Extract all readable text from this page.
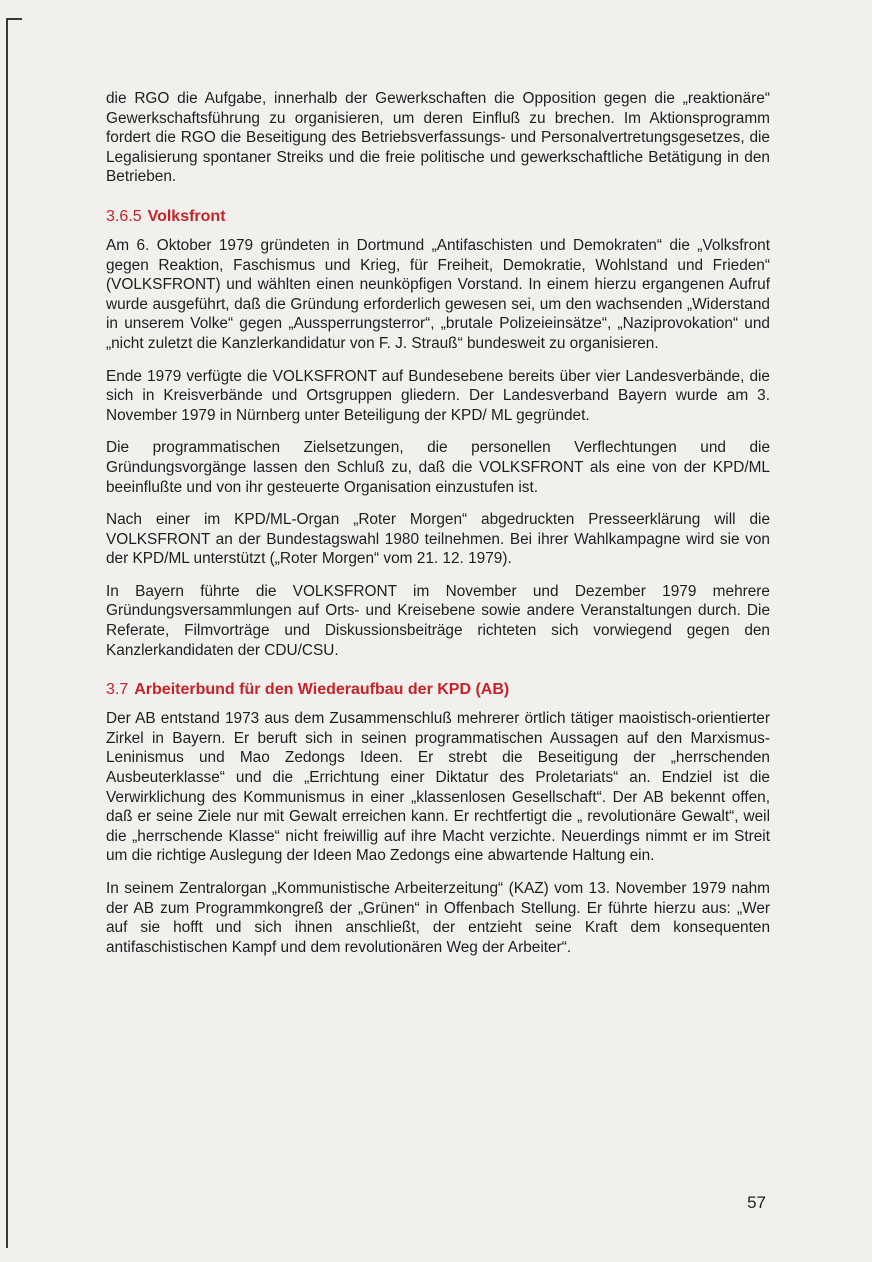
die RGO die Aufgabe, innerhalb der Gewerkschaften die Opposition gegen die „reaktionäre“ Gewerkschaftsführung zu organisieren, um deren Einfluß zu brechen. Im Aktionsprogramm fordert die RGO die Beseitigung des Betriebsverfassungs- und Personalvertretungsgesetzes, die Legalisierung spontaner Streiks und die freie politische und gewerkschaftliche Betätigung in den Betrieben.

3.6.5 Volksfront

Am 6. Oktober 1979 gründeten in Dortmund „Antifaschisten und Demokraten“ die „Volksfront gegen Reaktion, Faschismus und Krieg, für Freiheit, Demokratie, Wohlstand und Frieden“ (VOLKSFRONT) und wählten einen neunköpfigen Vorstand. In einem hierzu ergangenen Aufruf wurde ausgeführt, daß die Gründung erforderlich gewesen sei, um den wachsenden „Widerstand in unserem Volke“ gegen „Aussperrungsterror“, „brutale Polizeieinsätze“, „Naziprovokation“ und „nicht zuletzt die Kanzlerkandidatur von F. J. Strauß“ bundesweit zu organisieren.

Ende 1979 verfügte die VOLKSFRONT auf Bundesebene bereits über vier Landesverbände, die sich in Kreisverbände und Ortsgruppen gliedern. Der Landesverband Bayern wurde am 3. November 1979 in Nürnberg unter Beteiligung der KPD/ ML gegründet.

Die programmatischen Zielsetzungen, die personellen Verflechtungen und die Gründungsvorgänge lassen den Schluß zu, daß die VOLKSFRONT als eine von der KPD/ML beeinflußte und von ihr gesteuerte Organisation einzustufen ist.

Nach einer im KPD/ML-Organ „Roter Morgen“ abgedruckten Presseerklärung will die VOLKSFRONT an der Bundestagswahl 1980 teilnehmen. Bei ihrer Wahlkampagne wird sie von der KPD/ML unterstützt („Roter Morgen“ vom 21. 12. 1979).

In Bayern führte die VOLKSFRONT im November und Dezember 1979 mehrere Gründungsversammlungen auf Orts- und Kreisebene sowie andere Veranstaltungen durch. Die Referate, Filmvorträge und Diskussionsbeiträge richteten sich vorwiegend gegen den Kanzlerkandidaten der CDU/CSU.

3.7 Arbeiterbund für den Wiederaufbau der KPD (AB)

Der AB entstand 1973 aus dem Zusammenschluß mehrerer örtlich tätiger maoistisch-orientierter Zirkel in Bayern. Er beruft sich in seinen programmatischen Aussagen auf den Marxismus-Leninismus und Mao Zedongs Ideen. Er strebt die Beseitigung der „herrschenden Ausbeuterklasse“ und die „Errichtung einer Diktatur des Proletariats“ an. Endziel ist die Verwirklichung des Kommunismus in einer „klassenlosen Gesellschaft“. Der AB bekennt offen, daß er seine Ziele nur mit Gewalt erreichen kann. Er rechtfertigt die „ revolutionäre Gewalt“, weil die „herrschende Klasse“ nicht freiwillig auf ihre Macht verzichte. Neuerdings nimmt er im Streit um die richtige Auslegung der Ideen Mao Zedongs eine abwartende Haltung ein.

In seinem Zentralorgan „Kommunistische Arbeiterzeitung“ (KAZ) vom 13. November 1979 nahm der AB zum Programmkongreß der „Grünen“ in Offenbach Stellung. Er führte hierzu aus: „Wer auf sie hofft und sich ihnen anschließt, der entzieht seine Kraft dem konsequenten antifaschistischen Kampf und dem revolutionären Weg der Arbeiter“.

57
